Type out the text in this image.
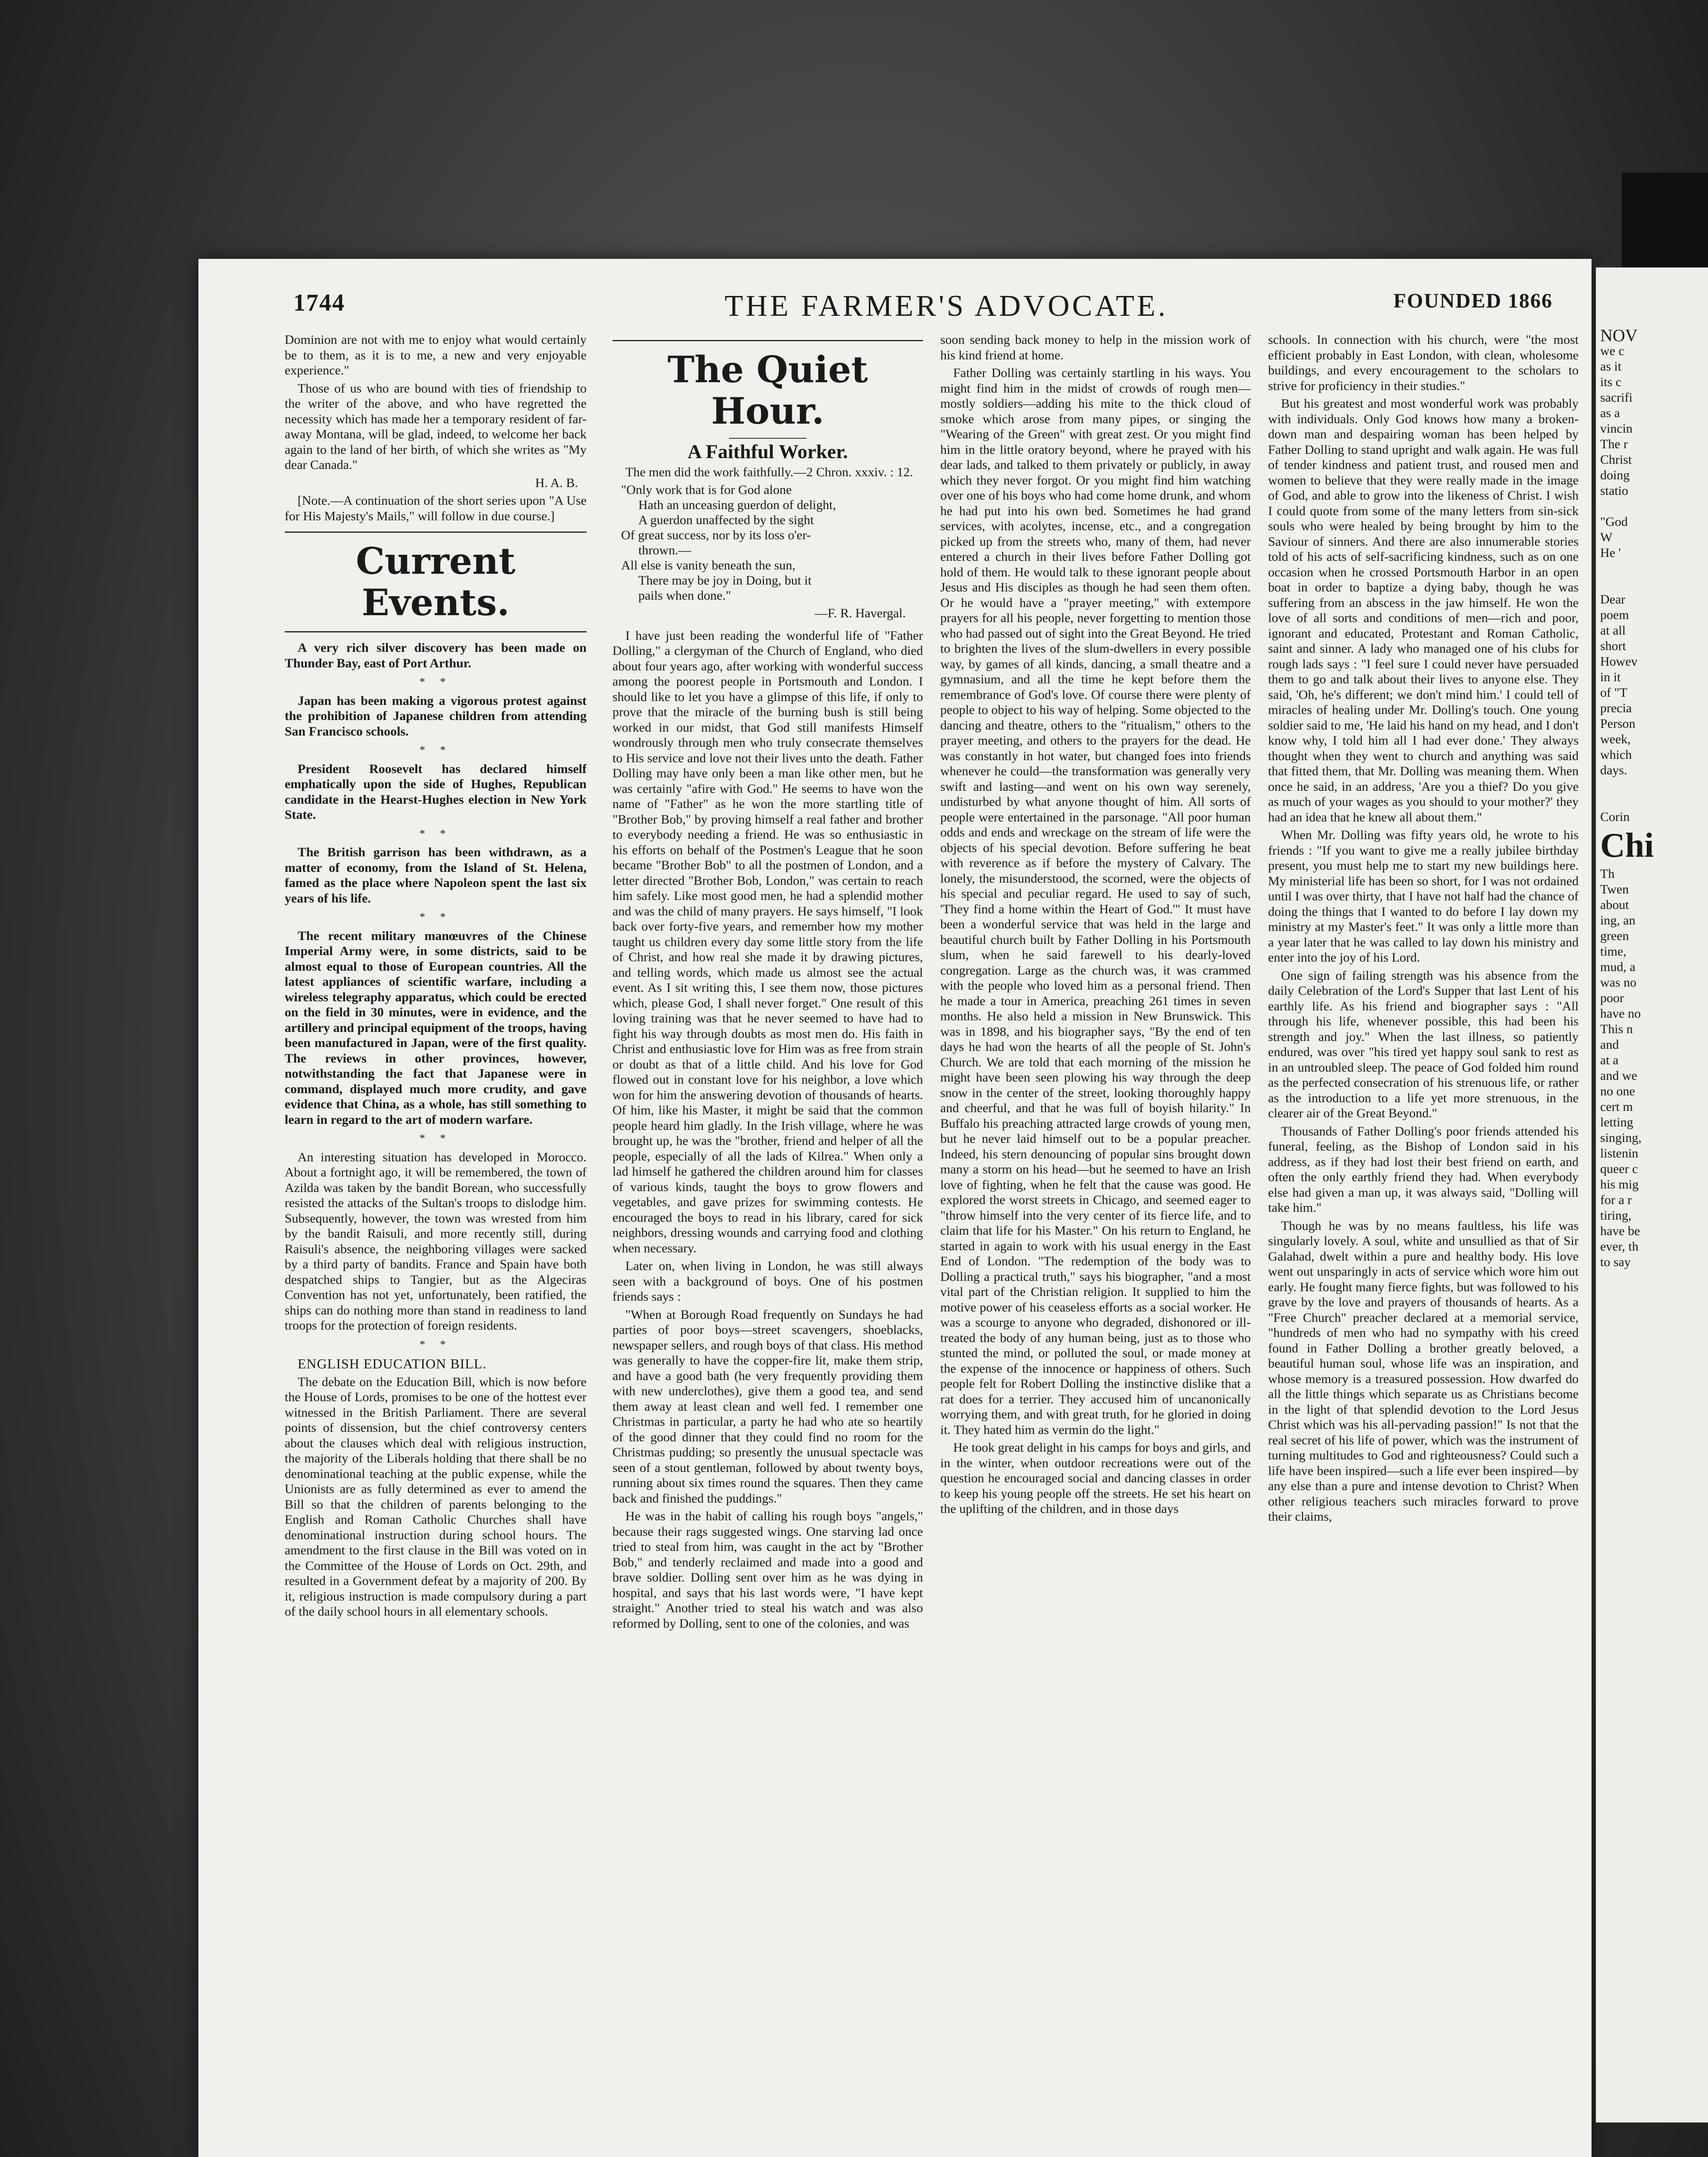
1744	THE FARMER'S ADVOCATE.	FOUNDED 1866

Dominion are not with me to enjoy what would certainly be to them, as it is to me, a new and very enjoyable experience."

Those of us who are bound with ties of friendship to the writer of the above, and who have regretted the necessity which has made her a temporary resident of far-away Montana, will be glad, indeed, to welcome her back again to the land of her birth, of which she writes as "My dear Canada."

H. A. B.

[Note.—A continuation of the short series upon "A Use for His Majesty's Mails," will follow in due course.]

Current Events.

A very rich silver discovery has been made on Thunder Bay, east of Port Arthur.

* *

Japan has been making a vigorous protest against the prohibition of Japanese children from attending San Francisco schools.

* *

President Roosevelt has declared himself emphatically upon the side of Hughes, Republican candidate in the Hearst-Hughes election in New York State.

* *

The British garrison has been withdrawn, as a matter of economy, from the Island of St. Helena, famed as the place where Napoleon spent the last six years of his life.

* *

The recent military manœuvres of the Chinese Imperial Army were, in some districts, said to be almost equal to those of European countries. All the latest appliances of scientific warfare, including a wireless telegraphy apparatus, which could be erected on the field in 30 minutes, were in evidence, and the artillery and principal equipment of the troops, having been manufactured in Japan, were of the first quality. The reviews in other provinces, however, notwithstanding the fact that Japanese were in command, displayed much more crudity, and gave evidence that China, as a whole, has still something to learn in regard to the art of modern warfare.

* *

An interesting situation has developed in Morocco. About a fortnight ago, it will be remembered, the town of Azilda was taken by the bandit Borean, who successfully resisted the attacks of the Sultan's troops to dislodge him. Subsequently, however, the town was wrested from him by the bandit Raisuli, and more recently still, during Raisuli's absence, the neighboring villages were sacked by a third party of bandits. France and Spain have both despatched ships to Tangier, but as the Algeciras Convention has not yet, unfortunately, been ratified, the ships can do nothing more than stand in readiness to land troops for the protection of foreign residents.

* *
ENGLISH EDUCATION BILL.

The debate on the Education Bill, which is now before the House of Lords, promises to be one of the hottest ever witnessed in the British Parliament. There are several points of dissension, but the chief controversy centers about the clauses which deal with religious instruction, the majority of the Liberals holding that there shall be no denominational teaching at the public expense, while the Unionists are as fully determined as ever to amend the Bill so that the children of parents belonging to the English and Roman Catholic Churches shall have denominational instruction during school hours. The amendment to the first clause in the Bill was voted on in the Committee of the House of Lords on Oct. 29th, and resulted in a Government defeat by a majority of 200. By it, religious instruction is made compulsory during a part of the daily school hours in all elementary schools.

The Quiet Hour.
A Faithful Worker.

The men did the work faithfully.—2 Chron. xxxiv. : 12.

"Only work that is for God alone
Hath an unceasing guerdon of delight,
A guerdon unaffected by the sight
Of great success, nor by its loss o'er-
thrown.—
All else is vanity beneath the sun,
There may be joy in Doing, but it
pails when done."
—F. R. Havergal.

I have just been reading the wonderful life of "Father Dolling," a clergyman of the Church of England, who died about four years ago, after working with wonderful success among the poorest people in Portsmouth and London. I should like to let you have a glimpse of this life, if only to prove that the miracle of the burning bush is still being worked in our midst, that God still manifests Himself wondrously through men who truly consecrate themselves to His service and love not their lives unto the death. Father Dolling may have only been a man like other men, but he was certainly "afire with God." He seems to have won the name of "Father" as he won the more startling title of "Brother Bob," by proving himself a real father and brother to everybody needing a friend. He was so enthusiastic in his efforts on behalf of the Postmen's League that he soon became "Brother Bob" to all the postmen of London, and a letter directed "Brother Bob, London," was certain to reach him safely. Like most good men, he had a splendid mother and was the child of many prayers. He says himself, "I look back over forty-five years, and remember how my mother taught us children every day some little story from the life of Christ, and how real she made it by drawing pictures, and telling words, which made us almost see the actual event. As I sit writing this, I see them now, those pictures which, please God, I shall never forget." One result of this loving training was that he never seemed to have had to fight his way through doubts as most men do. His faith in Christ and enthusiastic love for Him was as free from strain or doubt as that of a little child. And his love for God flowed out in constant love for his neighbor, a love which won for him the answering devotion of thousands of hearts. Of him, like his Master, it might be said that the common people heard him gladly. In the Irish village, where he was brought up, he was the "brother, friend and helper of all the people, especially of all the lads of Kilrea." When only a lad himself he gathered the children around him for classes of various kinds, taught the boys to grow flowers and vegetables, and gave prizes for swimming contests. He encouraged the boys to read in his library, cared for sick neighbors, dressing wounds and carrying food and clothing when necessary.

Later on, when living in London, he was still always seen with a background of boys. One of his postmen friends says :

"When at Borough Road frequently on Sundays he had parties of poor boys—street scavengers, shoeblacks, newspaper sellers, and rough boys of that class. His method was generally to have the copper-fire lit, make them strip, and have a good bath (he very frequently providing them with new underclothes), give them a good tea, and send them away at least clean and well fed. I remember one Christmas in particular, a party he had who ate so heartily of the good dinner that they could find no room for the Christmas pudding; so presently the unusual spectacle was seen of a stout gentleman, followed by about twenty boys, running about six times round the squares. Then they came back and finished the puddings."

He was in the habit of calling his rough boys "angels," because their rags suggested wings. One starving lad once tried to steal from him, was caught in the act by "Brother Bob," and tenderly reclaimed and made into a good and brave soldier. Dolling sent over him as he was dying in hospital, and says that his last words were, "I have kept straight." Another tried to steal his watch and was also reformed by Dolling, sent to one of the colonies, and was

soon sending back money to help in the mission work of his kind friend at home.

Father Dolling was certainly startling in his ways. You might find him in the midst of crowds of rough men—mostly soldiers—adding his mite to the thick cloud of smoke which arose from many pipes, or singing the "Wearing of the Green" with great zest. Or you might find him in the little oratory beyond, where he prayed with his dear lads, and talked to them privately or publicly, in away which they never forgot. Or you might find him watching over one of his boys who had come home drunk, and whom he had put into his own bed. Sometimes he had grand services, with acolytes, incense, etc., and a congregation picked up from the streets who, many of them, had never entered a church in their lives before Father Dolling got hold of them. He would talk to these ignorant people about Jesus and His disciples as though he had seen them often. Or he would have a "prayer meeting," with extempore prayers for all his people, never forgetting to mention those who had passed out of sight into the Great Beyond. He tried to brighten the lives of the slum-dwellers in every possible way, by games of all kinds, dancing, a small theatre and a gymnasium, and all the time he kept before them the remembrance of God's love. Of course there were plenty of people to object to his way of helping. Some objected to the dancing and theatre, others to the "ritualism," others to the prayer meeting, and others to the prayers for the dead. He was constantly in hot water, but changed foes into friends whenever he could—the transformation was generally very swift and lasting—and went on his own way serenely, undisturbed by what anyone thought of him. All sorts of people were entertained in the parsonage. "All poor human odds and ends and wreckage on the stream of life were the objects of his special devotion. Before suffering he beat with reverence as if before the mystery of Calvary. The lonely, the misunderstood, the scorned, were the objects of his special and peculiar regard. He used to say of such, 'They find a home within the Heart of God.'" It must have been a wonderful service that was held in the large and beautiful church built by Father Dolling in his Portsmouth slum, when he said farewell to his dearly-loved congregation. Large as the church was, it was crammed with the people who loved him as a personal friend. Then he made a tour in America, preaching 261 times in seven months. He also held a mission in New Brunswick. This was in 1898, and his biographer says, "By the end of ten days he had won the hearts of all the people of St. John's Church. We are told that each morning of the mission he might have been seen plowing his way through the deep snow in the center of the street, looking thoroughly happy and cheerful, and that he was full of boyish hilarity." In Buffalo his preaching attracted large crowds of young men, but he never laid himself out to be a popular preacher. Indeed, his stern denouncing of popular sins brought down many a storm on his head—but he seemed to have an Irish love of fighting, when he felt that the cause was good. He explored the worst streets in Chicago, and seemed eager to "throw himself into the very center of its fierce life, and to claim that life for his Master." On his return to England, he started in again to work with his usual energy in the East End of London. "The redemption of the body was to Dolling a practical truth," says his biographer, "and a most vital part of the Christian religion. It supplied to him the motive power of his ceaseless efforts as a social worker. He was a scourge to anyone who degraded, dishonored or ill-treated the body of any human being, just as to those who stunted the mind, or polluted the soul, or made money at the expense of the innocence or happiness of others. Such people felt for Robert Dolling the instinctive dislike that a rat does for a terrier. They accused him of uncanonically worrying them, and with great truth, for he gloried in doing it. They hated him as vermin do the light."

He took great delight in his camps for boys and girls, and in the winter, when outdoor recreations were out of the question he encouraged social and dancing classes in order to keep his young people off the streets. He set his heart on the uplifting of the children, and in those days

schools. In connection with his church, were "the most efficient probably in East London, with clean, wholesome buildings, and every encouragement to the scholars to strive for proficiency in their studies."

But his greatest and most wonderful work was probably with individuals. Only God knows how many a broken-down man and despairing woman has been helped by Father Dolling to stand upright and walk again. He was full of tender kindness and patient trust, and roused men and women to believe that they were really made in the image of God, and able to grow into the likeness of Christ. I wish I could quote from some of the many letters from sin-sick souls who were healed by being brought by him to the Saviour of sinners. And there are also innumerable stories told of his acts of self-sacrificing kindness, such as on one occasion when he crossed Portsmouth Harbor in an open boat in order to baptize a dying baby, though he was suffering from an abscess in the jaw himself. He won the love of all sorts and conditions of men—rich and poor, ignorant and educated, Protestant and Roman Catholic, saint and sinner. A lady who managed one of his clubs for rough lads says : "I feel sure I could never have persuaded them to go and talk about their lives to anyone else. They said, 'Oh, he's different; we don't mind him.' I could tell of miracles of healing under Mr. Dolling's touch. One young soldier said to me, 'He laid his hand on my head, and I don't know why, I told him all I had ever done.' They always thought when they went to church and anything was said that fitted them, that Mr. Dolling was meaning them. When once he said, in an address, 'Are you a thief? Do you give as much of your wages as you should to your mother?' they had an idea that he knew all about them."

When Mr. Dolling was fifty years old, he wrote to his friends : "If you want to give me a really jubilee birthday present, you must help me to start my new buildings here. My ministerial life has been so short, for I was not ordained until I was over thirty, that I have not half had the chance of doing the things that I wanted to do before I lay down my ministry at my Master's feet." It was only a little more than a year later that he was called to lay down his ministry and enter into the joy of his Lord.

One sign of failing strength was his absence from the daily Celebration of the Lord's Supper that last Lent of his earthly life. As his friend and biographer says : "All through his life, whenever possible, this had been his strength and joy." When the last illness, so patiently endured, was over "his tired yet happy soul sank to rest as in an untroubled sleep. The peace of God folded him round as the perfected consecration of his strenuous life, or rather as the introduction to a life yet more strenuous, in the clearer air of the Great Beyond."

Thousands of Father Dolling's poor friends attended his funeral, feeling, as the Bishop of London said in his address, as if they had lost their best friend on earth, and often the only earthly friend they had. When everybody else had given a man up, it was always said, "Dolling will take him."

Though he was by no means faultless, his life was singularly lovely. A soul, white and unsullied as that of Sir Galahad, dwelt within a pure and healthy body. His love went out unsparingly in acts of service which wore him out early. He fought many fierce fights, but was followed to his grave by the love and prayers of thousands of hearts. As a "Free Church" preacher declared at a memorial service, "hundreds of men who had no sympathy with his creed found in Father Dolling a brother greatly beloved, a beautiful human soul, whose life was an inspiration, and whose memory is a treasured possession. How dwarfed do all the little things which separate us as Christians become in the light of that splendid devotion to the Lord Jesus Christ which was his all-pervading passion!" Is not that the real secret of his life of power, which was the instrument of turning multitudes to God and righteousness? Could such a life have been inspired—such a life ever been inspired—by any else than a pure and intense devotion to Christ? When other religious teachers such miracles forward to prove their claims,

NOV
we c
as it
its c
sacrifi
as a
vincin
The r
Christ
doing
statio
"God
W
He '
Dear
poem
at all
short
Howev
in it
of "T
precia
Person
week,
which
days.
Corin
Chi
Th
Twen
about
ing, an
green
time,
mud, a
was no
poor
have no
This n
and
at a
and we
no one
cert m
letting
singing,
listenin
queer c
his mig
for a r
tiring,
have be
ever, th
to say
